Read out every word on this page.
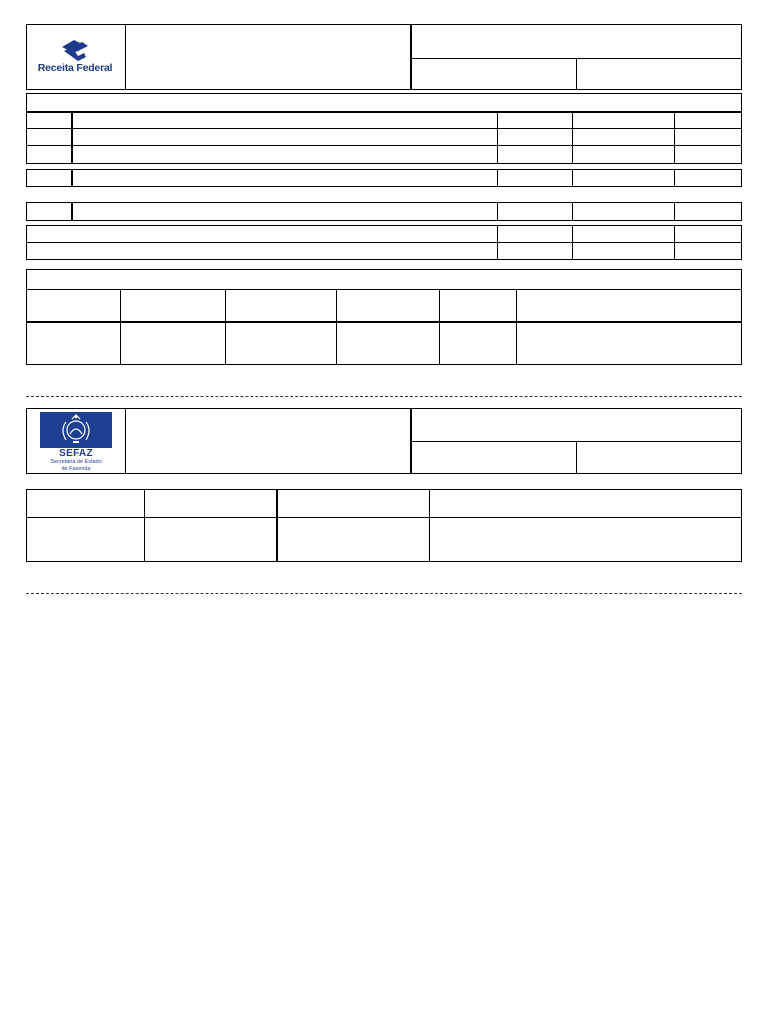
Receita Federal
SEFAZ
Secretaria de Estado
de Fazenda
